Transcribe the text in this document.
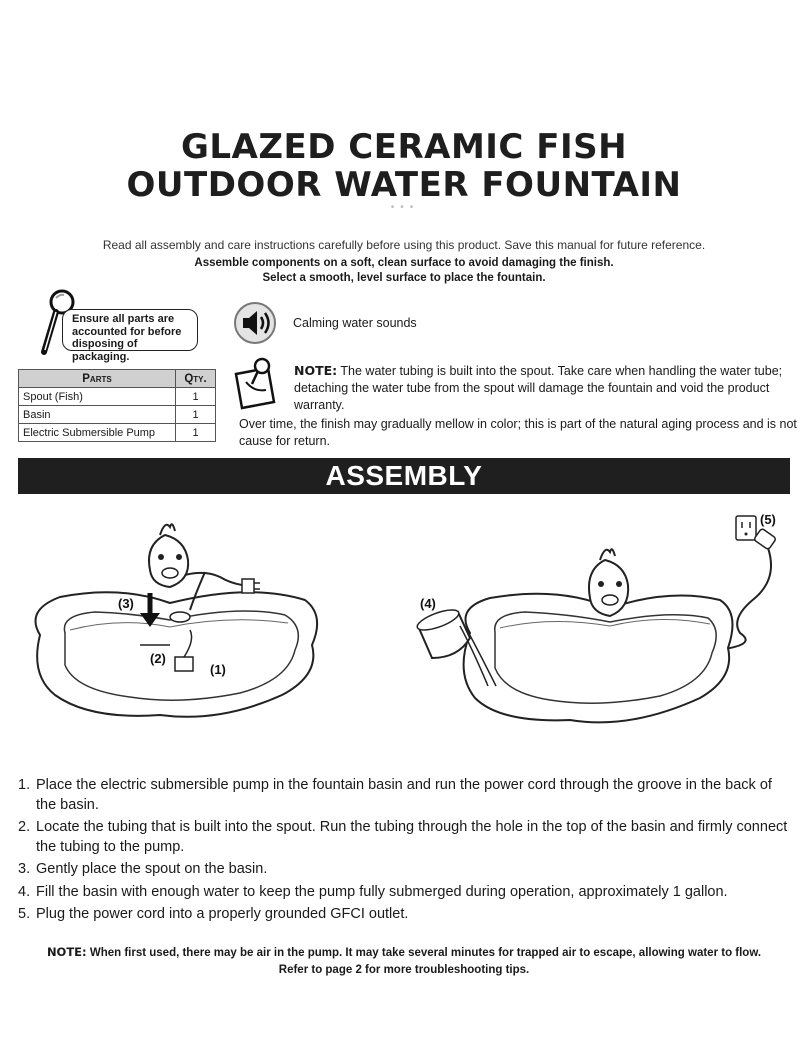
GLAZED CERAMIC FISH
OUTDOOR WATER FOUNTAIN
•••
Read all assembly and care instructions carefully before using this product. Save this manual for future reference.
Assemble components on a soft, clean surface to avoid damaging the finish.
Select a smooth, level surface to place the fountain.
Ensure all parts are
accounted for before
disposing of packaging.
Parts	Qty.
Spout (Fish)	1
Basin	1
Electric Submersible Pump	1
Calming water sounds
NOTE: The water tubing is built into the spout. Take care when handling the water tube; detaching the water tube from the spout will damage the fountain and void the product warranty.
Over time, the finish may gradually mellow in color; this is part of the natural aging process and is not cause for return.
ASSEMBLY
(3)
(2)
(1)
(5)
(4)
1. Place the electric submersible pump in the fountain basin and run the power cord through the groove in the back of the basin.
2. Locate the tubing that is built into the spout. Run the tubing through the hole in the top of the basin and firmly connect the tubing to the pump.
3. Gently place the spout on the basin.
4. Fill the basin with enough water to keep the pump fully submerged during operation, approximately 1 gallon.
5. Plug the power cord into a properly grounded GFCI outlet.
NOTE: When first used, there may be air in the pump. It may take several minutes for trapped air to escape, allowing water to flow.
Refer to page 2 for more troubleshooting tips.
